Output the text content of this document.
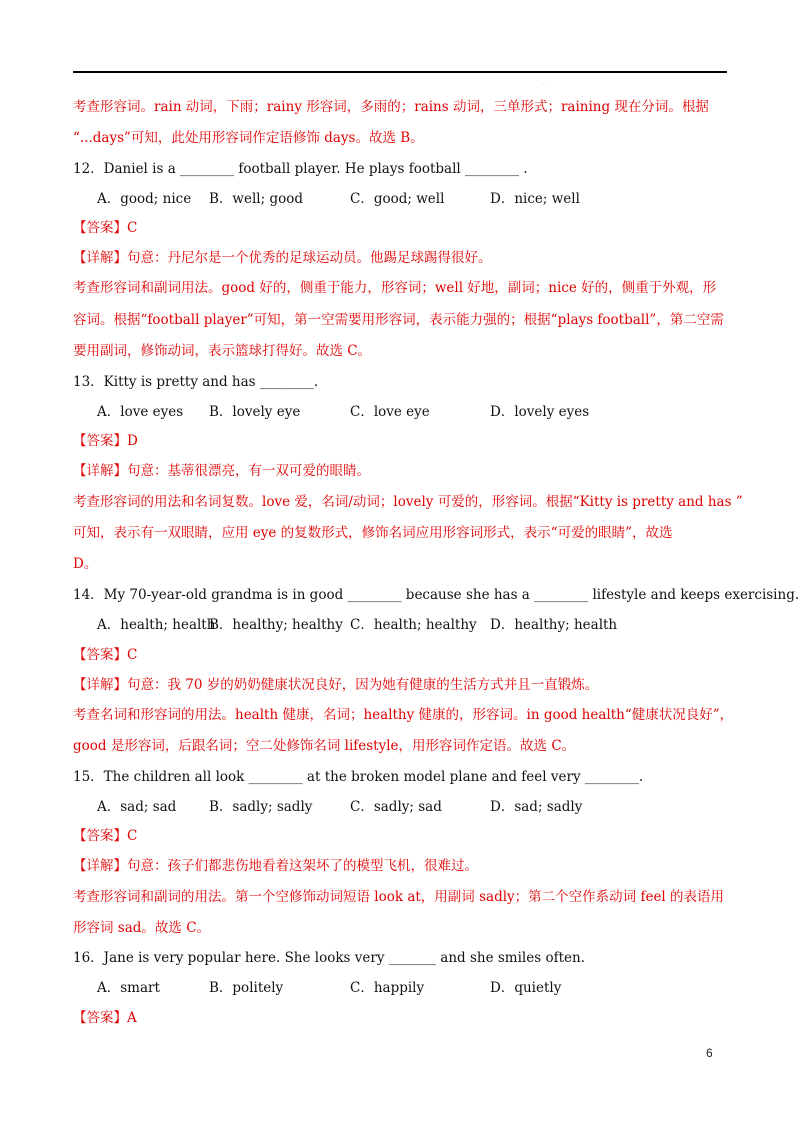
.
考查形容词。rain 动词，下雨；rainy 形容词，多雨的；rains 动词，三单形式；raining 现在分词。根据
“...days”可知，此处用形容词作定语修饰 days。故选 B。
12．Daniel is a ________ football player. He plays football ________ .
A．good; nice B．well; good	C．good; well	D．nice; well
【答案】C
【详解】句意：丹尼尔是一个优秀的足球运动员。他踢足球踢得很好。
考查形容词和副词用法。good 好的，侧重于能力，形容词；well 好地，副词；nice 好的，侧重于外观，形
容词。根据“football player”可知，第一空需要用形容词，表示能力强的；根据“plays football”，第二空需
要用副词，修饰动词，表示篮球打得好。故选 C。
13．Kitty is pretty and has ________.
A．love eyes B．lovely eye	C．love eye	D．lovely eyes
【答案】D
【详解】句意：基蒂很漂亮，有一双可爱的眼睛。
考查形容词的用法和名词复数。love 爱，名词/动词；lovely 可爱的，形容词。根据“Kitty is pretty and has ”
可知，表示有一双眼睛，应用 eye 的复数形式，修饰名词应用形容词形式，表示“可爱的眼睛”，故选
D。
14．My 70-year-old grandma is in good ________ because she has a ________ lifestyle and keeps exercising.
A．health; health
B．healthy; healthy C．health; healthy D．healthy; health
【答案】C
【详解】句意：我 70 岁的奶奶健康状况良好，因为她有健康的生活方式并且一直锻炼。
考查名词和形容词的用法。health 健康，名词；healthy 健康的，形容词。in good health“健康状况良好”，
good 是形容词，后跟名词；空二处修饰名词 lifestyle，用形容词作定语。故选 C。
15．The children all look ________ at the broken model plane and feel very ________.
A．sad; sad B．sadly; sadly	C．sadly; sad	D．sad; sadly
【答案】C
【详解】句意：孩子们都悲伤地看着这架坏了的模型飞机，很难过。
考查形容词和副词的用法。第一个空修饰动词短语 look at，用副词 sadly；第二个空作系动词 feel 的表语用
形容词 sad。故选 C。
16．Jane is very popular here. She looks very _______ and she smiles often.
A．smart	B．politely	C．happily	D．quietly
【答案】A
6
